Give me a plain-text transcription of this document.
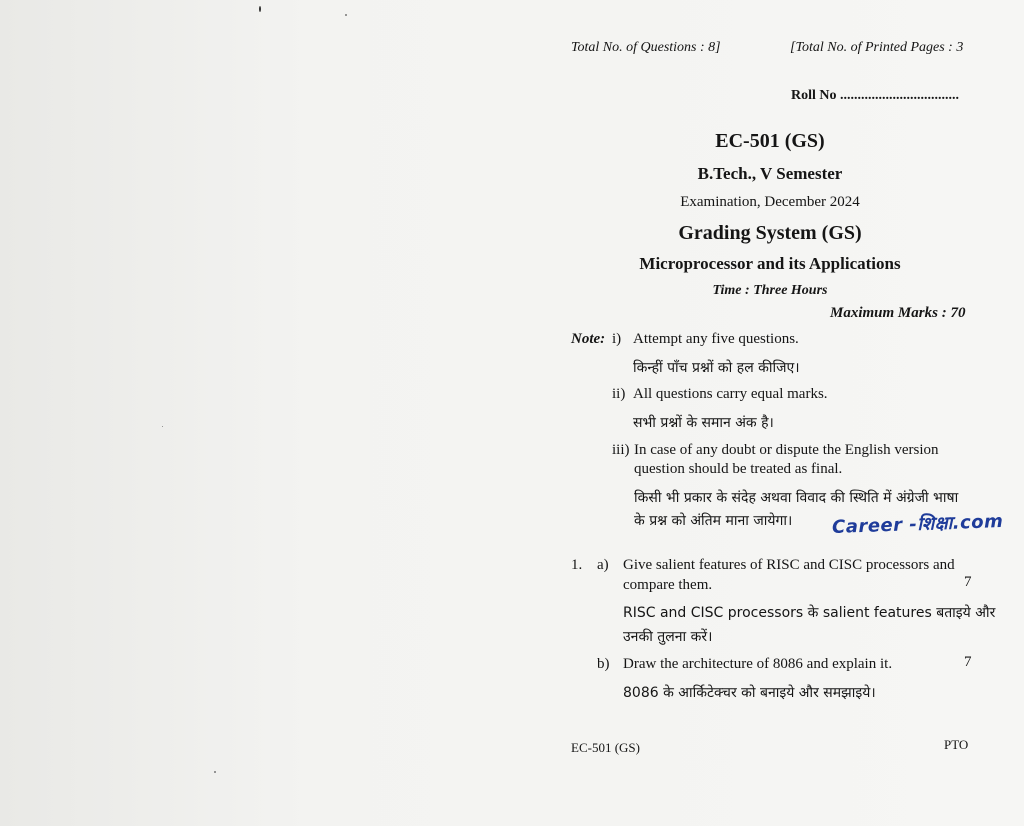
Total No. of Questions : 8]	[Total No. of Printed Pages : 3
Roll No ..................................
EC-501 (GS)
B.Tech., V Semester
Examination, December 2024
Grading System (GS)
Microprocessor and its Applications
Time : Three Hours
Maximum Marks : 70
Note: i) Attempt any five questions.
किन्हीं पाँच प्रश्नों को हल कीजिए।
ii) All questions carry equal marks.
सभी प्रश्नों के समान अंक है।
iii) In case of any doubt or dispute the English version
question should be treated as final.
किसी भी प्रकार के संदेह अथवा विवाद की स्थिति में अंग्रेजी भाषा
के प्रश्न को अंतिम माना जायेगा। Career -शिक्षा.com
1. a) Give salient features of RISC and CISC processors and
compare them.	7
RISC and CISC processors के salient features बताइये और
उनकी तुलना करें।
b) Draw the architecture of 8086 and explain it.	7
8086 के आर्किटेक्चर को बनाइये और समझाइये।
EC-501 (GS)	PTO
